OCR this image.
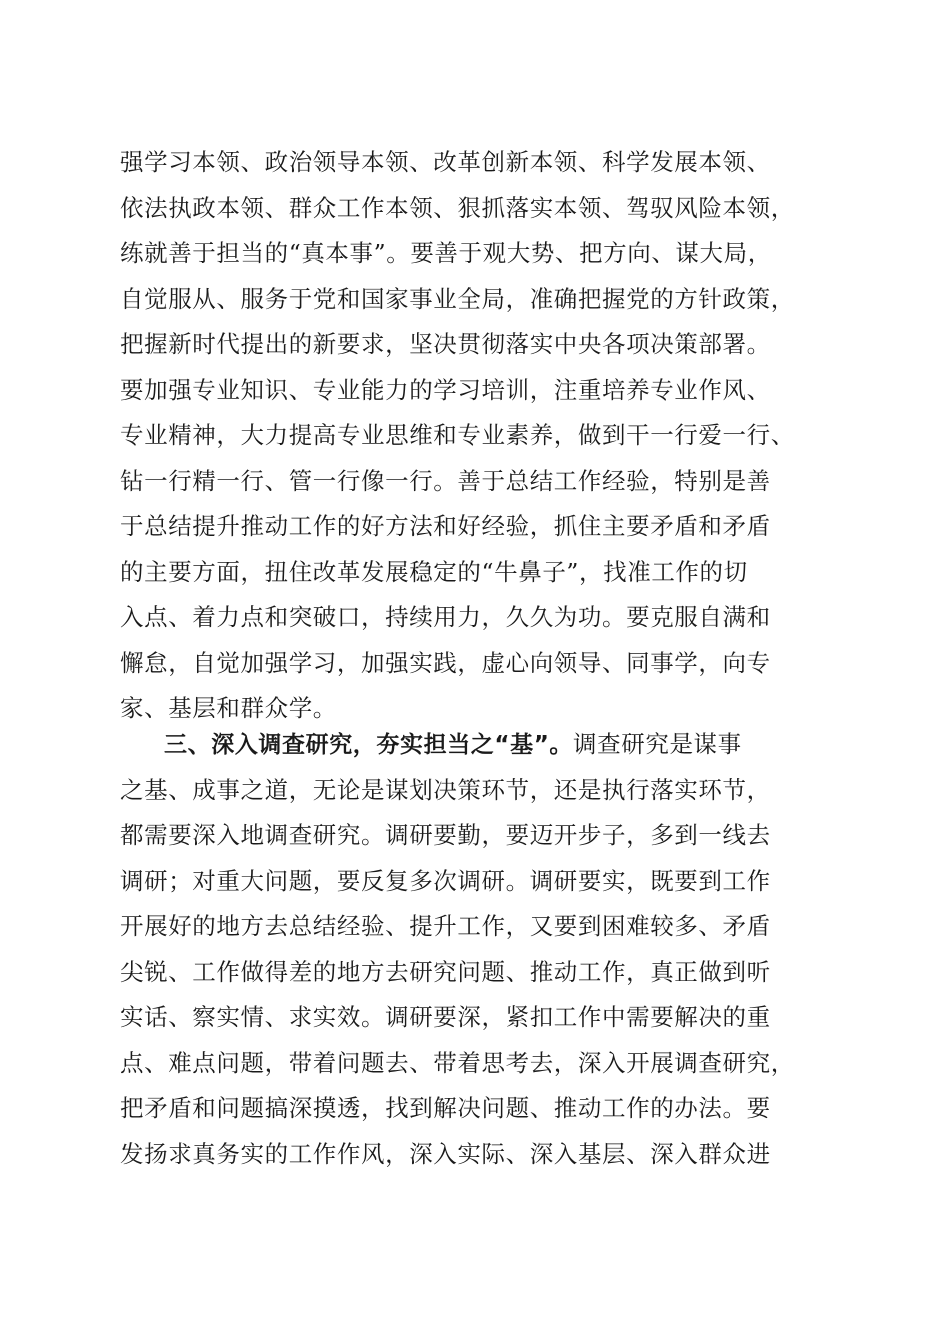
强学习本领、政治领导本领、改革创新本领、科学发展本领、
依法执政本领、群众工作本领、狠抓落实本领、驾驭风险本领，
练就善于担当的“真本事”。要善于观大势、把方向、谋大局，
自觉服从、服务于党和国家事业全局，准确把握党的方针政策，
把握新时代提出的新要求，坚决贯彻落实中央各项决策部署。
要加强专业知识、专业能力的学习培训，注重培养专业作风、
专业精神，大力提高专业思维和专业素养，做到干一行爱一行、
钻一行精一行、管一行像一行。善于总结工作经验，特别是善
于总结提升推动工作的好方法和好经验，抓住主要矛盾和矛盾
的主要方面，扭住改革发展稳定的“牛鼻子”，找准工作的切
入点、着力点和突破口，持续用力，久久为功。要克服自满和
懈怠，自觉加强学习，加强实践，虚心向领导、同事学，向专
家、基层和群众学。
三、深入调查研究，夯实担当之“基”。调查研究是谋事
之基、成事之道，无论是谋划决策环节，还是执行落实环节，
都需要深入地调查研究。调研要勤，要迈开步子，多到一线去
调研；对重大问题，要反复多次调研。调研要实，既要到工作
开展好的地方去总结经验、提升工作，又要到困难较多、矛盾
尖锐、工作做得差的地方去研究问题、推动工作，真正做到听
实话、察实情、求实效。调研要深，紧扣工作中需要解决的重
点、难点问题，带着问题去、带着思考去，深入开展调查研究，
把矛盾和问题搞深摸透，找到解决问题、推动工作的办法。要
发扬求真务实的工作作风，深入实际、深入基层、深入群众进
